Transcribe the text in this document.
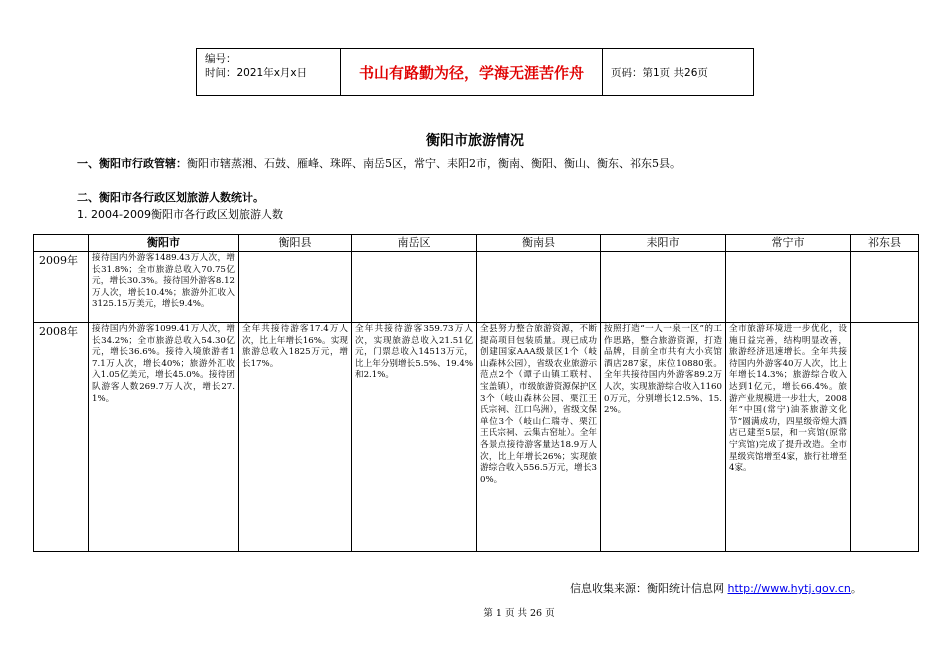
编号：
时间：2021年x月x日	书山有路勤为径，学海无涯苦作舟	页码：第1页 共26页
衡阳市旅游情况
一、衡阳市行政管辖：衡阳市辖蒸湘、石鼓、雁峰、珠晖、南岳5区，常宁、耒阳2市，衡南、衡阳、衡山、衡东、祁东5县。
二、衡阳市各行政区划旅游人数统计。
1. 2004-2009衡阳市各行政区划旅游人数
	衡阳市	衡阳县	南岳区	衡南县	耒阳市	常宁市	祁东县
2009年	接待国内外游客1489.43万人次，增长31.8%；全市旅游总收入70.75亿元，增长30.3%。接待国外游客8.12万人次，增长10.4%；旅游外汇收入3125.15万美元，增长9.4%。						
2008年	接待国内外游客1099.41万人次，增长34.2%；全市旅游总收入54.30亿元，增长36.6%。接待入境旅游者17.1万人次，增长40%；旅游外汇收入1.05亿美元，增长45.0%。接待团队游客人数269.7万人次，增长27.1%。	全年共接待游客17.4万人次，比上年增长16%。实现旅游总收入1825万元，增长17%。	全年共接待游客359.73万人次，实现旅游总收入21.51亿元，门票总收入14513万元，比上年分别增长5.5%、19.4%和2.1%。	全县努力整合旅游资源，不断提高项目包装质量。现已成功创建国家AAA级景区1个（岐山森林公园），省级农业旅游示范点2个（谭子山镇工联村、宝盖镇），市级旅游资源保护区3个（岐山森林公园、栗江王氏宗祠、江口鸟洲），省级文保单位3个（岐山仁瑞寺、栗江王氏宗祠、云集古窑址）。全年各景点接待游客量达18.9万人次，比上年增长26%；实现旅游综合收入556.5万元，增长30%。	按照打造“一人一泉一区”的工作思路，整合旅游资源，打造品牌，目前全市共有大小宾馆酒店287家，床位10880张。全年共接待国内外游客89.2万人次，实现旅游综合收入11600万元，分别增长12.5%、15.2%。	全市旅游环境进一步优化，设施日益完善，结构明显改善，旅游经济迅速增长。全年共接待国内外游客40万人次，比上年增长14.3%；旅游综合收入达到1亿元，增长66.4%。旅游产业规模进一步壮大，2008年“中国(常宁)油茶旅游文化节”圆满成功，四星级帝煌大酒店已建至5层，和一宾馆(原常宁宾馆)完成了提升改造。全市星级宾馆增至4家，旅行社增至4家。	
信息收集来源：衡阳统计信息网 http://www.hytj.gov.cn。
第 1 页 共 26 页
